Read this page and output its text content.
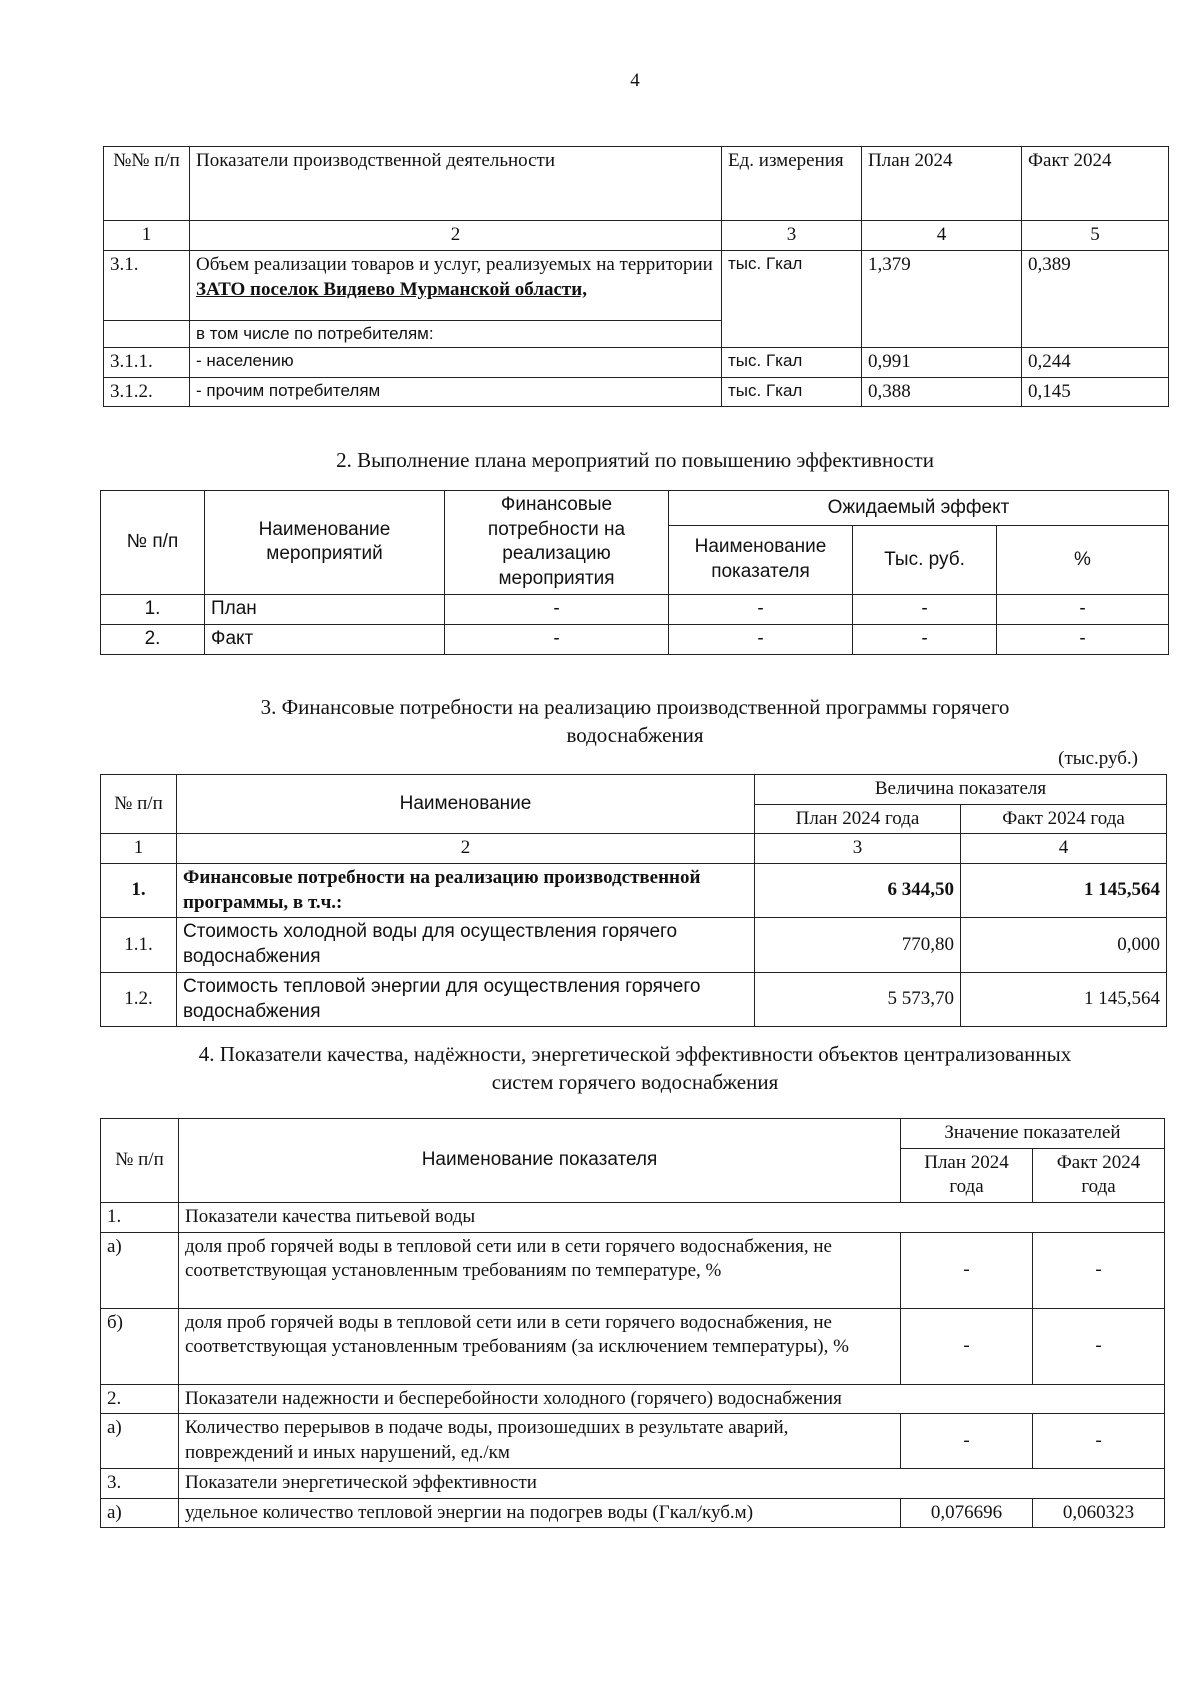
4
№№ п/п	Показатели производственной деятельности	Ед. измерения	План 2024	Факт 2024
1	2	3	4	5
3.1.	Объем реализации товаров и услуг, реализуемых на территории ЗАТО поселок Видяево Мурманской области,	тыс. Гкал	1,379	0,389
	в том числе по потребителям:			
3.1.1.	- населению	тыс. Гкал	0,991	0,244
3.1.2.	- прочим потребителям	тыс. Гкал	0,388	0,145
2. Выполнение плана мероприятий по повышению эффективности
№ п/п	Наименование мероприятий	Финансовые потребности на реализацию мероприятия	Ожидаемый эффект		
			Наименование показателя	Тыс. руб.	%
1.	План	-	-	-	-
2.	Факт	-	-	-	-
3. Финансовые потребности на реализацию производственной программы горячего
водоснабжения
(тыс.руб.)
№ п/п	Наименование	Величина показателя	
		План 2024 года	Факт 2024 года
1	2	3	4
1.	Финансовые потребности на реализацию производственной программы, в т.ч.:	6 344,50	1 145,564
1.1.	Стоимость холодной воды для осуществления горячего водоснабжения	770,80	0,000
1.2.	Стоимость тепловой энергии для осуществления горячего водоснабжения	5 573,70	1 145,564
4. Показатели качества, надёжности, энергетической эффективности объектов централизованных
систем горячего водоснабжения
№ п/п	Наименование показателя	Значение показателей	
		План 2024 года	Факт 2024 года

1.	Показатели качества питьевой воды		
а)	доля проб горячей воды в тепловой сети или в сети горячего водоснабжения, не соответствующая установленным требованиям по температуре, %	-	-
б)	доля проб горячей воды в тепловой сети или в сети горячего водоснабжения, не соответствующая установленным требованиям (за исключением температуры), %	-	-
2.	Показатели надежности и бесперебойности холодного (горячего) водоснабжения		
а)	Количество перерывов в подаче воды, произошедших в результате аварий, повреждений и иных нарушений, ед./км	-	-
3.	Показатели энергетической эффективности		
а)	удельное количество тепловой энергии на подогрев воды (Гкал/куб.м)	0,076696	0,060323
